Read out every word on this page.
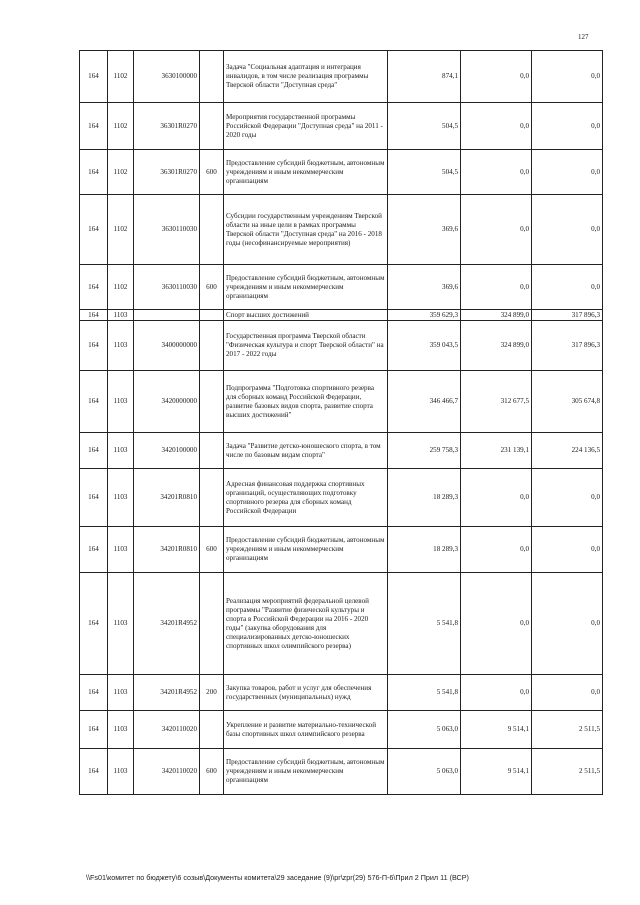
127
164	1102	3630100000		Задача "Социальная адаптация и интеграция инвалидов, в том числе реализация программы Тверской области "Доступная среда"	874,1	0,0	0,0
164	1102	36301R0270		Мероприятия государственной программы Российской Федерации "Доступная среда" на 2011 - 2020 годы	504,5	0,0	0,0
164	1102	36301R0270	600	Предоставление субсидий бюджетным, автономным учреждениям и иным некоммерческим организациям	504,5	0,0	0,0
164	1102	3630110030		Субсидии государственным учреждениям Тверской области на иные цели в рамках программы Тверской области "Доступная среда" на 2016 - 2018 годы (несофинансируемые мероприятия)	369,6	0,0	0,0
164	1102	3630110030	600	Предоставление субсидий бюджетным, автономным учреждениям и иным некоммерческим организациям	369,6	0,0	0,0
164	1103			Спорт высших достижений	359 629,3	324 899,0	317 896,3
164	1103	3400000000		Государственная программа Тверской области "Физическая культура и спорт Тверской области" на 2017 - 2022 годы	359 043,5	324 899,0	317 896,3
164	1103	3420000000		Подпрограмма "Подготовка спортивного резерва для сборных команд Российской Федерации, развитие базовых видов спорта, развитие спорта высших достижений"	346 466,7	312 677,5	305 674,8
164	1103	3420100000		Задача "Развитие детско-юношеского спорта, в том числе по базовым видам спорта"	259 758,3	231 139,1	224 136,5
164	1103	34201R0810		Адресная финансовая поддержка спортивных организаций, осуществляющих подготовку спортивного резерва для сборных команд Российской Федерации	18 289,3	0,0	0,0
164	1103	34201R0810	600	Предоставление субсидий бюджетным, автономным учреждениям и иным некоммерческим организациям	18 289,3	0,0	0,0
164	1103	34201R4952		Реализация мероприятий федеральной целевой программы "Развитие физической культуры и спорта в Российской Федерации на 2016 - 2020 годы" (закупка оборудования для специализированных детско-юношеских спортивных школ олимпийского резерва)	5 541,8	0,0	0,0
164	1103	34201R4952	200	Закупка товаров, работ и услуг для обеспечения государственных (муниципальных) нужд	5 541,8	0,0	0,0
164	1103	3420110020		Укрепление и развитие материально-технической базы спортивных школ олимпийского резерва	5 063,0	9 514,1	2 511,5
164	1103	3420110020	600	Предоставление субсидий бюджетным, автономным учреждениям и иным некоммерческим организациям	5 063,0	9 514,1	2 511,5
\\Fs01\комитет по бюджету\6 созыв\Документы комитета\29 заседание (9)\pr\zpr(29) 576-П-6\Прил 2 Прил 11 (ВСР)
